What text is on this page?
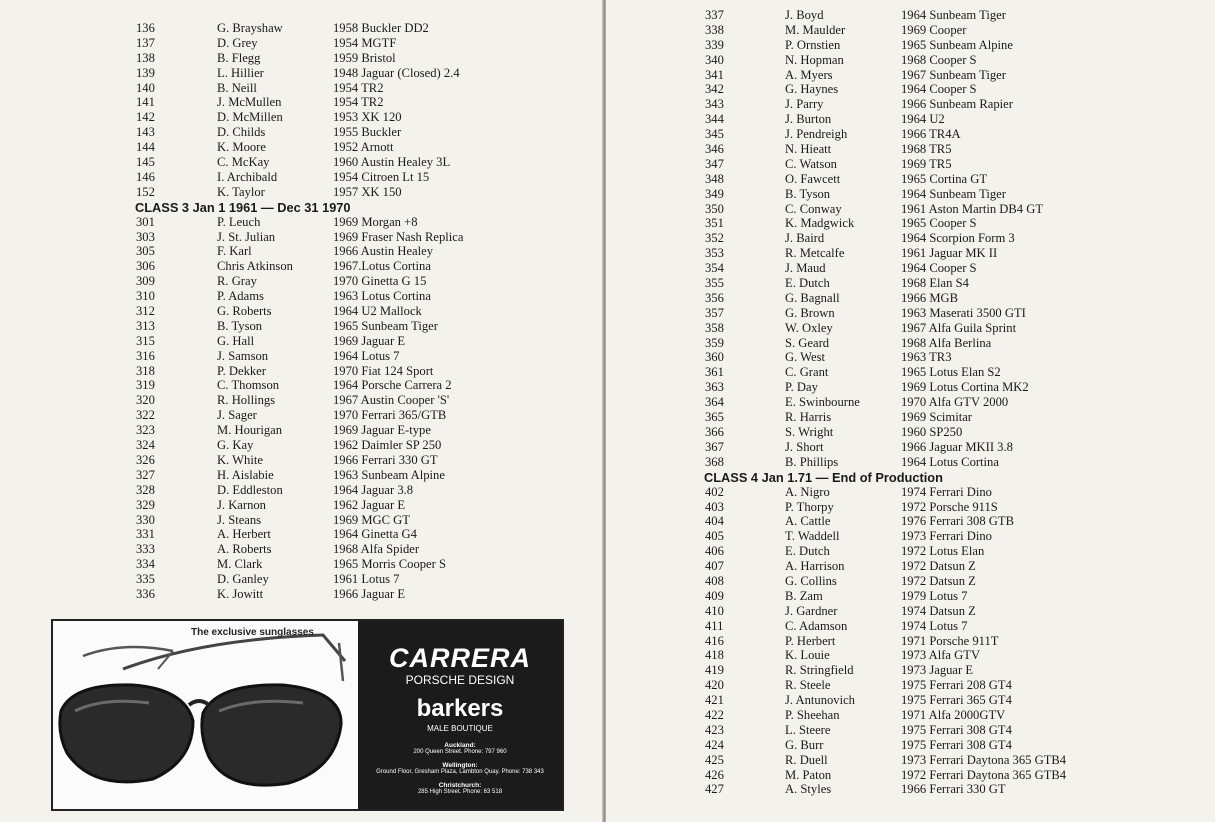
136	G. Brayshaw	1958 Buckler DD2
137	D. Grey	1954 MGTF
138	B. Flegg	1959 Bristol
139	L. Hillier	1948 Jaguar (Closed) 2.4
140	B. Neill	1954 TR2
141	J. McMullen	1954 TR2
142	D. McMillen	1953 XK 120
143	D. Childs	1955 Buckler
144	K. Moore	1952 Arnott
145	C. McKay	1960 Austin Healey 3L
146	I. Archibald	1954 Citroen Lt 15
152	K. Taylor	1957 XK 150
CLASS 3 Jan 1 1961 — Dec 31 1970
301	P. Leuch	1969 Morgan +8
303	J. St. Julian	1969 Fraser Nash Replica
305	F. Karl	1966 Austin Healey
306	Chris Atkinson	1967.Lotus Cortina
309	R. Gray	1970 Ginetta G 15
310	P. Adams	1963 Lotus Cortina
312	G. Roberts	1964 U2 Mallock
313	B. Tyson	1965 Sunbeam Tiger
315	G. Hall	1969 Jaguar E
316	J. Samson	1964 Lotus 7
318	P. Dekker	1970 Fiat 124 Sport
319	C. Thomson	1964 Porsche Carrera 2
320	R. Hollings	1967 Austin Cooper 'S'
322	J. Sager	1970 Ferrari 365/GTB
323	M. Hourigan	1969 Jaguar E-type
324	G. Kay	1962 Daimler SP 250
326	K. White	1966 Ferrari 330 GT
327	H. Aislabie	1963 Sunbeam Alpine
328	D. Eddleston	1964 Jaguar 3.8
329	J. Karnon	1962 Jaguar E
330	J. Steans	1969 MGC GT
331	A. Herbert	1964 Ginetta G4
333	A. Roberts	1968 Alfa Spider
334	M. Clark	1965 Morris Cooper S
335	D. Ganley	1961 Lotus 7
336	K. Jowitt	1966 Jaguar E
The exclusive sunglasses
CARRERA
PORSCHE DESIGN
barkers
MALE BOUTIQUE
Auckland:
200 Queen Street. Phone: 797 960
Wellington:
Ground Floor, Gresham Plaza, Lambton Quay. Phone: 738 343
Christchurch:
285 High Street. Phone: 63 518
337	J. Boyd	1964 Sunbeam Tiger
338	M. Maulder	1969 Cooper
339	P. Ornstien	1965 Sunbeam Alpine
340	N. Hopman	1968 Cooper S
341	A. Myers	1967 Sunbeam Tiger
342	G. Haynes	1964 Cooper S
343	J. Parry	1966 Sunbeam Rapier
344	J. Burton	1964 U2
345	J. Pendreigh	1966 TR4A
346	N. Hieatt	1968 TR5
347	C. Watson	1969 TR5
348	O. Fawcett	1965 Cortina GT
349	B. Tyson	1964 Sunbeam Tiger
350	C. Conway	1961 Aston Martin DB4 GT
351	K. Madgwick	1965 Cooper S
352	J. Baird	1964 Scorpion Form 3
353	R. Metcalfe	1961 Jaguar MK II
354	J. Maud	1964 Cooper S
355	E. Dutch	1968 Elan S4
356	G. Bagnall	1966 MGB
357	G. Brown	1963 Maserati 3500 GTI
358	W. Oxley	1967 Alfa Guila Sprint
359	S. Geard	1968 Alfa Berlina
360	G. West	1963 TR3
361	C. Grant	1965 Lotus Elan S2
363	P. Day	1969 Lotus Cortina MK2
364	E. Swinbourne	1970 Alfa GTV 2000
365	R. Harris	1969 Scimitar
366	S. Wright	1960 SP250
367	J. Short	1966 Jaguar MKII 3.8
368	B. Phillips	1964 Lotus Cortina
CLASS 4 Jan 1.71 — End of Production
402	A. Nigro	1974 Ferrari Dino
403	P. Thorpy	1972 Porsche 911S
404	A. Cattle	1976 Ferrari 308 GTB
405	T. Waddell	1973 Ferrari Dino
406	E. Dutch	1972 Lotus Elan
407	A. Harrison	1972 Datsun Z
408	G. Collins	1972 Datsun Z
409	B. Zam	1979 Lotus 7
410	J. Gardner	1974 Datsun Z
411	C. Adamson	1974 Lotus 7
416	P. Herbert	1971 Porsche 911T
418	K. Louie	1973 Alfa GTV
419	R. Stringfield	1973 Jaguar E
420	R. Steele	1975 Ferrari 208 GT4
421	J. Antunovich	1975 Ferrari 365 GT4
422	P. Sheehan	1971 Alfa 2000GTV
423	L. Steere	1975 Ferrari 308 GT4
424	G. Burr	1975 Ferrari 308 GT4
425	R. Duell	1973 Ferrari Daytona 365 GTB4
426	M. Paton	1972 Ferrari Daytona 365 GTB4
427	A. Styles	1966 Ferrari 330 GT
